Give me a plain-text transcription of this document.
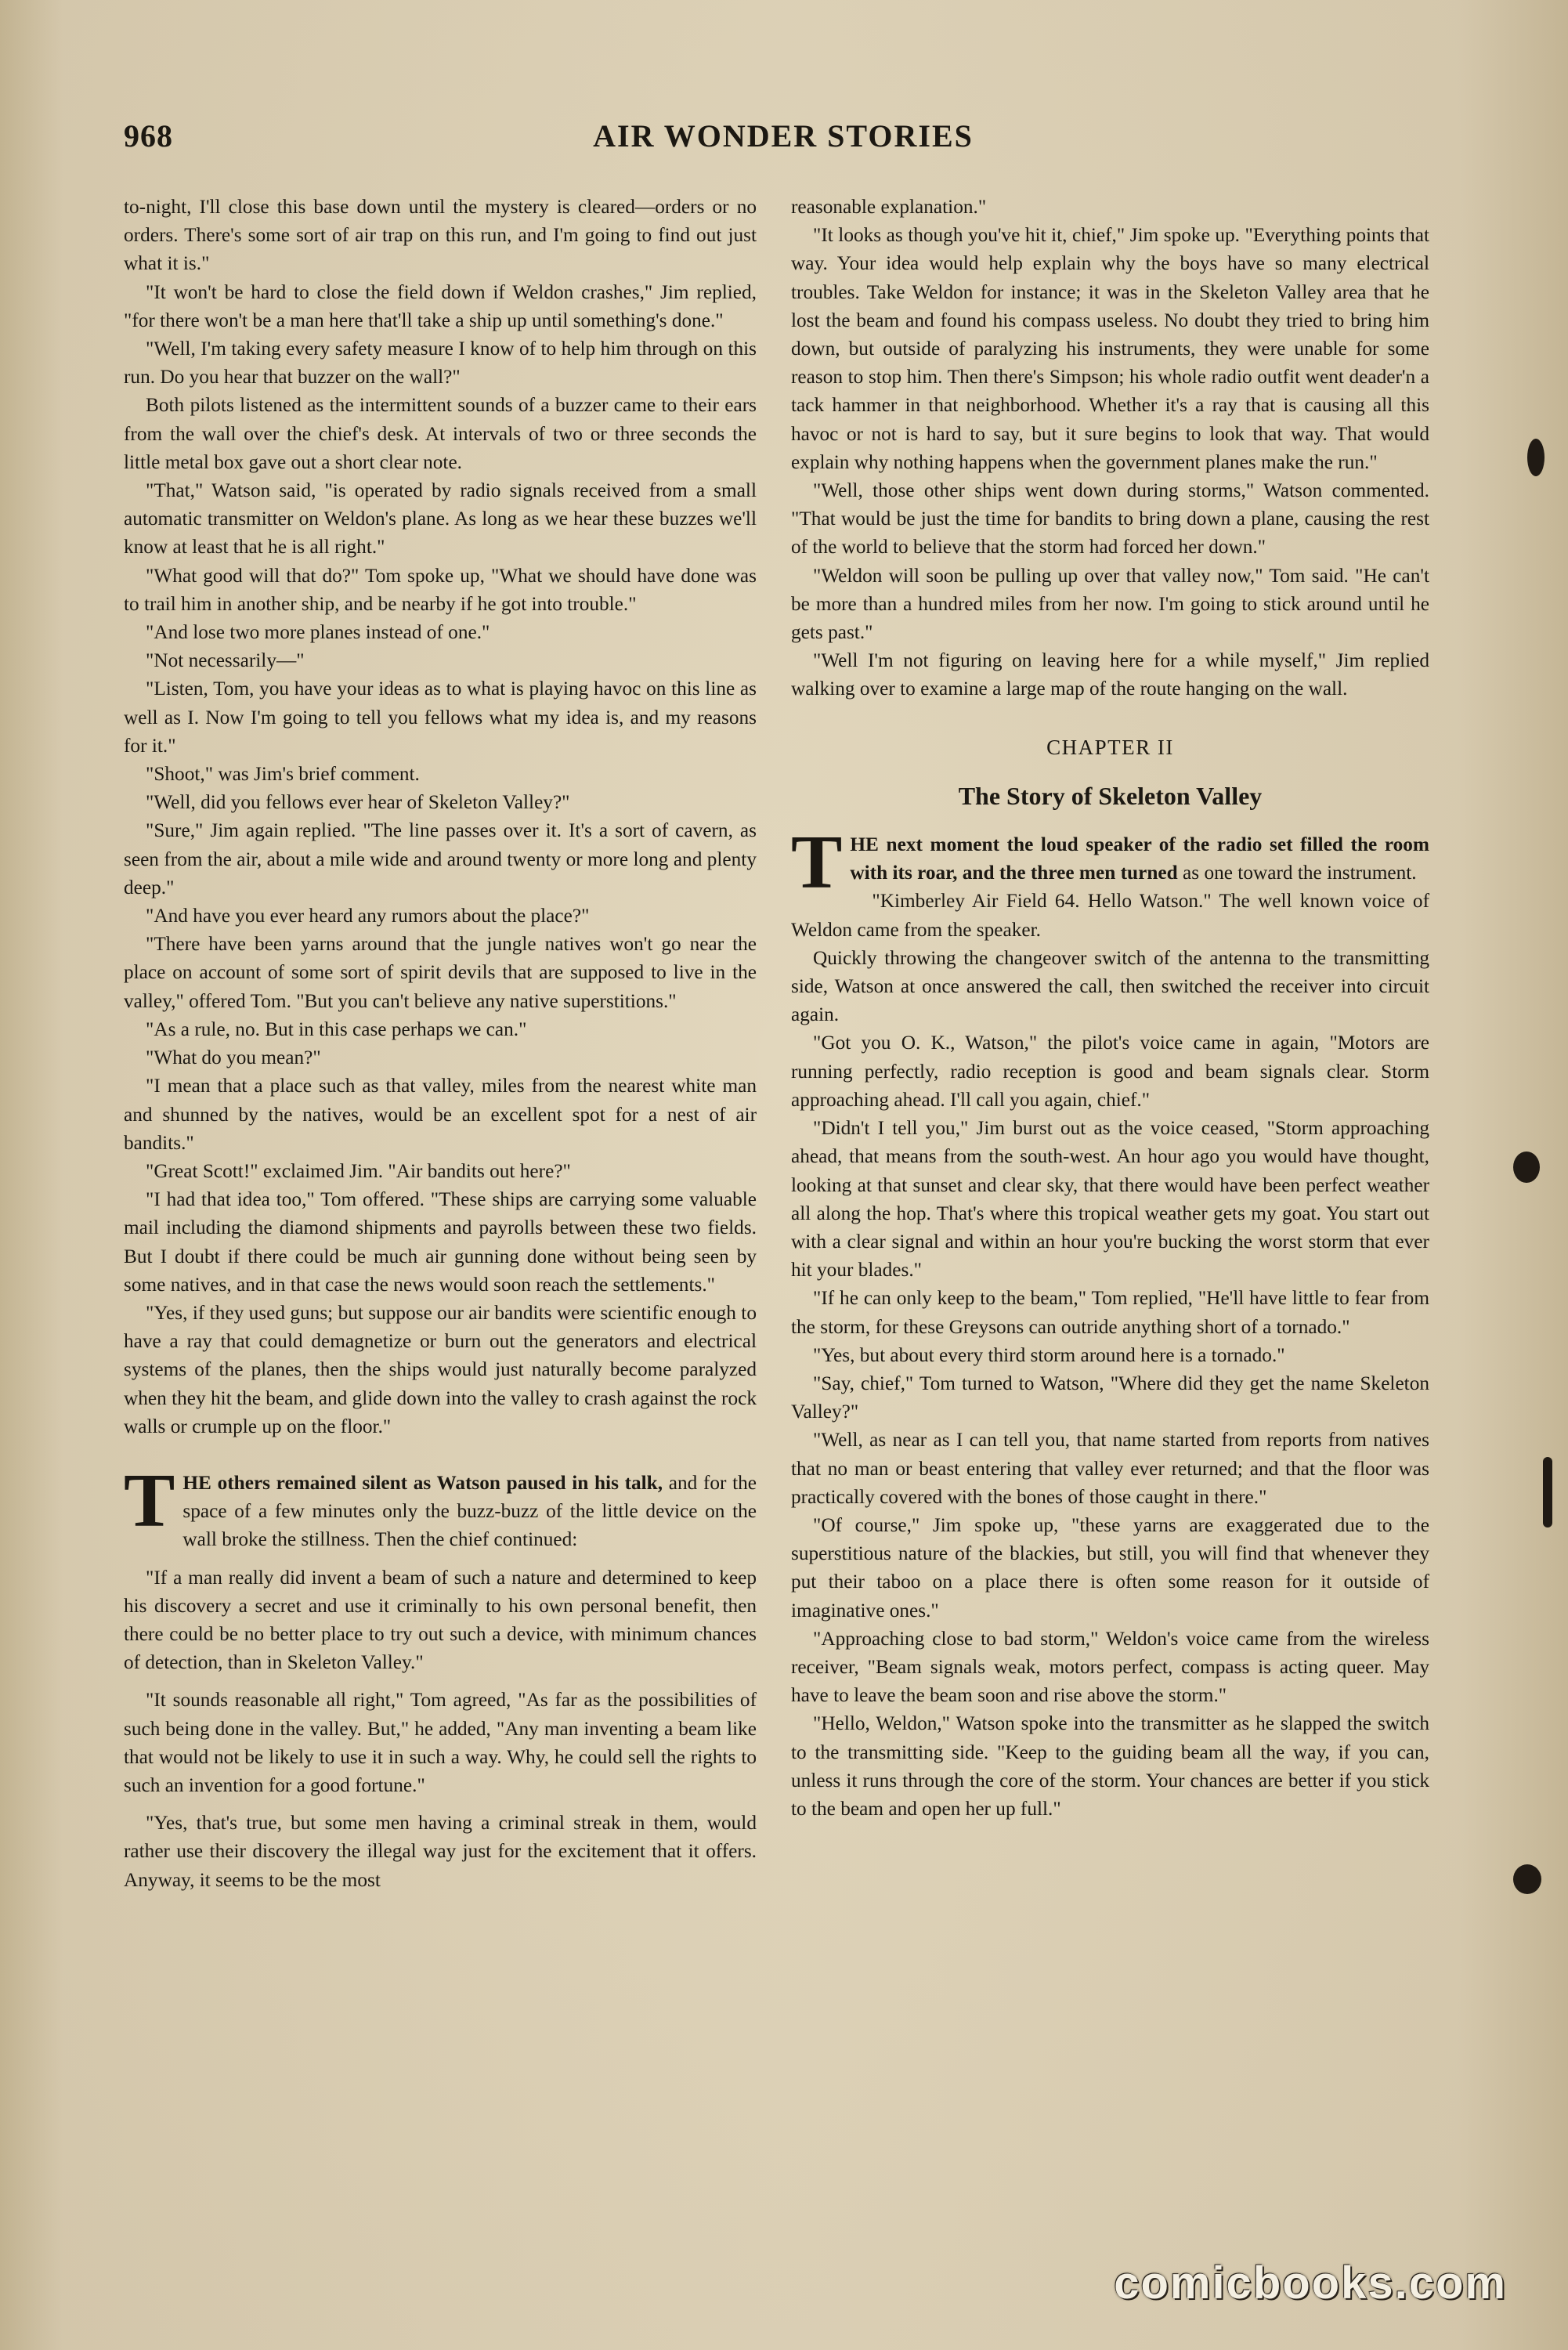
968	AIR WONDER STORIES

to-night, I'll close this base down until the mystery is cleared—orders or no orders. There's some sort of air trap on this run, and I'm going to find out just what it is."

"It won't be hard to close the field down if Weldon crashes," Jim replied, "for there won't be a man here that'll take a ship up until something's done."

"Well, I'm taking every safety measure I know of to help him through on this run. Do you hear that buzzer on the wall?"

Both pilots listened as the intermittent sounds of a buzzer came to their ears from the wall over the chief's desk. At intervals of two or three seconds the little metal box gave out a short clear note.

"That," Watson said, "is operated by radio signals received from a small automatic transmitter on Weldon's plane. As long as we hear these buzzes we'll know at least that he is all right."

"What good will that do?" Tom spoke up, "What we should have done was to trail him in another ship, and be nearby if he got into trouble."

"And lose two more planes instead of one."

"Not necessarily—"

"Listen, Tom, you have your ideas as to what is playing havoc on this line as well as I. Now I'm going to tell you fellows what my idea is, and my reasons for it."

"Shoot," was Jim's brief comment.

"Well, did you fellows ever hear of Skeleton Valley?"

"Sure," Jim again replied. "The line passes over it. It's a sort of cavern, as seen from the air, about a mile wide and around twenty or more long and plenty deep."

"And have you ever heard any rumors about the place?"

"There have been yarns around that the jungle natives won't go near the place on account of some sort of spirit devils that are supposed to live in the valley," offered Tom. "But you can't believe any native superstitions."

"As a rule, no. But in this case perhaps we can."

"What do you mean?"

"I mean that a place such as that valley, miles from the nearest white man and shunned by the natives, would be an excellent spot for a nest of air bandits."

"Great Scott!" exclaimed Jim. "Air bandits out here?"

"I had that idea too," Tom offered. "These ships are carrying some valuable mail including the diamond shipments and payrolls between these two fields. But I doubt if there could be much air gunning done without being seen by some natives, and in that case the news would soon reach the settlements."

"Yes, if they used guns; but suppose our air bandits were scientific enough to have a ray that could demagnetize or burn out the generators and electrical systems of the planes, then the ships would just naturally become paralyzed when they hit the beam, and glide down into the valley to crash against the rock walls or crumple up on the floor."

THE others remained silent as Watson paused in his talk, and for the space of a few minutes only the buzz-buzz of the little device on the wall broke the stillness. Then the chief continued:

"If a man really did invent a beam of such a nature and determined to keep his discovery a secret and use it criminally to his own personal benefit, then there could be no better place to try out such a device, with minimum chances of detection, than in Skeleton Valley."

"It sounds reasonable all right," Tom agreed, "As far as the possibilities of such being done in the valley. But," he added, "Any man inventing a beam like that would not be likely to use it in such a way. Why, he could sell the rights to such an invention for a good fortune."

"Yes, that's true, but some men having a criminal streak in them, would rather use their discovery the illegal way just for the excitement that it offers. Anyway, it seems to be the most

reasonable explanation."

"It looks as though you've hit it, chief," Jim spoke up. "Everything points that way. Your idea would help explain why the boys have so many electrical troubles. Take Weldon for instance; it was in the Skeleton Valley area that he lost the beam and found his compass useless. No doubt they tried to bring him down, but outside of paralyzing his instruments, they were unable for some reason to stop him. Then there's Simpson; his whole radio outfit went deader'n a tack hammer in that neighborhood. Whether it's a ray that is causing all this havoc or not is hard to say, but it sure begins to look that way. That would explain why nothing happens when the government planes make the run."

"Well, those other ships went down during storms," Watson commented. "That would be just the time for bandits to bring down a plane, causing the rest of the world to believe that the storm had forced her down."

"Weldon will soon be pulling up over that valley now," Tom said. "He can't be more than a hundred miles from her now. I'm going to stick around until he gets past."

"Well I'm not figuring on leaving here for a while myself," Jim replied walking over to examine a large map of the route hanging on the wall.

CHAPTER II

The Story of Skeleton Valley

THE next moment the loud speaker of the radio set filled the room with its roar, and the three men turned as one toward the instrument.

"Kimberley Air Field 64. Hello Watson." The well known voice of Weldon came from the speaker.

Quickly throwing the changeover switch of the antenna to the transmitting side, Watson at once answered the call, then switched the receiver into circuit again.

"Got you O. K., Watson," the pilot's voice came in again, "Motors are running perfectly, radio reception is good and beam signals clear. Storm approaching ahead. I'll call you again, chief."

"Didn't I tell you," Jim burst out as the voice ceased, "Storm approaching ahead, that means from the south-west. An hour ago you would have thought, looking at that sunset and clear sky, that there would have been perfect weather all along the hop. That's where this tropical weather gets my goat. You start out with a clear signal and within an hour you're bucking the worst storm that ever hit your blades."

"If he can only keep to the beam," Tom replied, "He'll have little to fear from the storm, for these Greysons can outride anything short of a tornado."

"Yes, but about every third storm around here is a tornado."

"Say, chief," Tom turned to Watson, "Where did they get the name Skeleton Valley?"

"Well, as near as I can tell you, that name started from reports from natives that no man or beast entering that valley ever returned; and that the floor was practically covered with the bones of those caught in there."

"Of course," Jim spoke up, "these yarns are exaggerated due to the superstitious nature of the blackies, but still, you will find that whenever they put their taboo on a place there is often some reason for it outside of imaginative ones."

"Approaching close to bad storm," Weldon's voice came from the wireless receiver, "Beam signals weak, motors perfect, compass is acting queer. May have to leave the beam soon and rise above the storm."

"Hello, Weldon," Watson spoke into the transmitter as he slapped the switch to the transmitting side. "Keep to the guiding beam all the way, if you can, unless it runs through the core of the storm. Your chances are better if you stick to the beam and open her up full."

comicbooks.com
